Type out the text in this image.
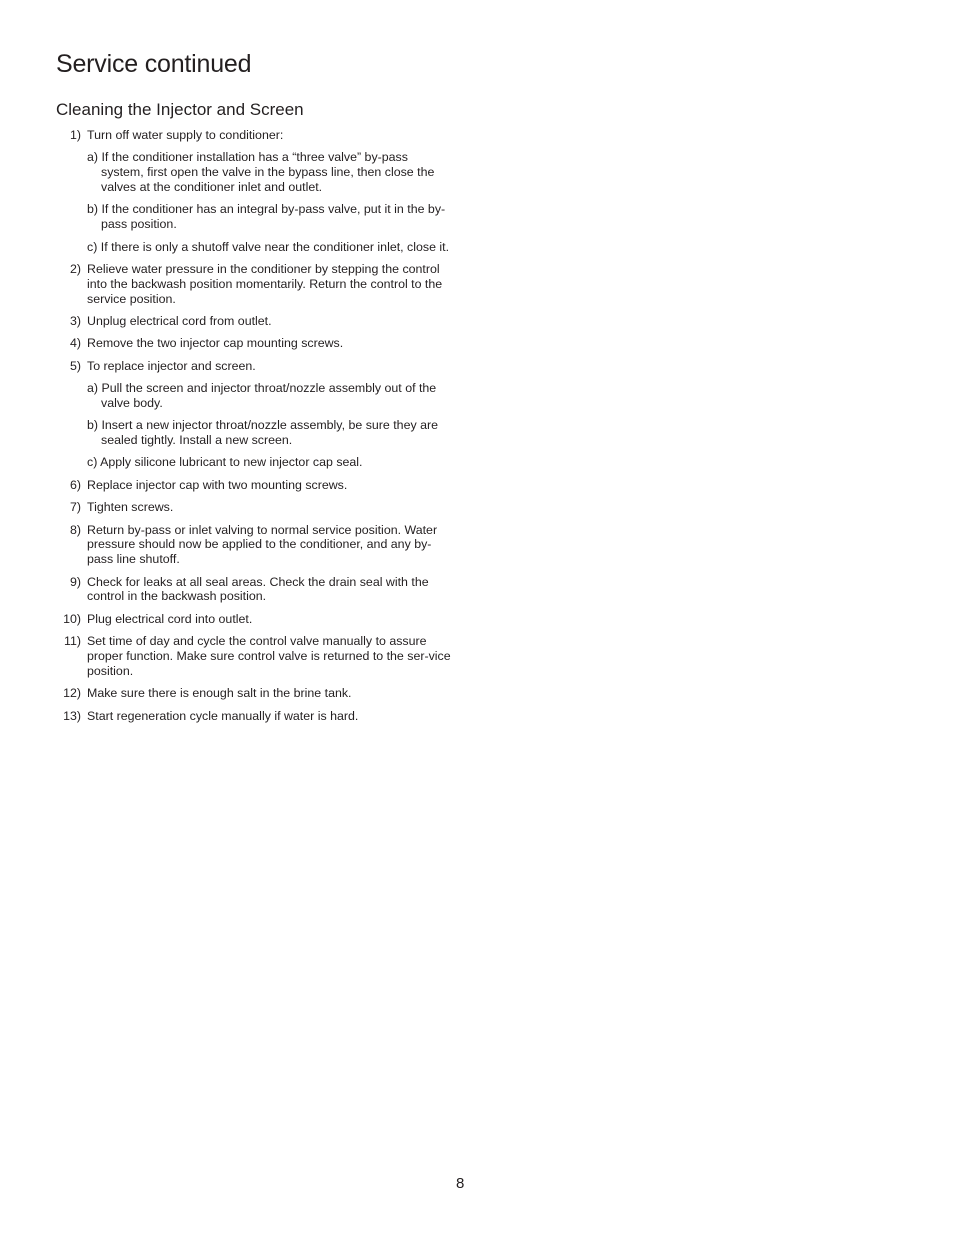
Service continued
Cleaning the Injector and Screen
1) Turn off water supply to conditioner:
a) If the conditioner installation has a “three valve” by-pass system, first open the valve in the bypass line, then close the valves at the conditioner inlet and outlet.
b) If the conditioner has an integral by-pass valve, put it in the by-pass position.
c) If there is only a shutoff valve near the conditioner inlet, close it.
2) Relieve water pressure in the conditioner by stepping the control into the backwash position momentarily. Return the control to the service position.
3) Unplug electrical cord from outlet.
4) Remove the two injector cap mounting screws.
5) To replace injector and screen.
a) Pull the screen and injector throat/nozzle assembly out of the valve body.
b) Insert a new injector throat/nozzle assembly, be sure they are sealed tightly. Install a new screen.
c) Apply silicone lubricant to new injector cap seal.
6) Replace injector cap with two mounting screws.
7) Tighten screws.
8) Return by-pass or inlet valving to normal service position. Water pressure should now be applied to the conditioner, and any by-pass line shutoff.
9) Check for leaks at all seal areas. Check the drain seal with the control in the backwash position.
10) Plug electrical cord into outlet.
11) Set time of day and cycle the control valve manually to assure proper function. Make sure control valve is returned to the ser-vice position.
12) Make sure there is enough salt in the brine tank.
13) Start regeneration cycle manually if water is hard.
8
